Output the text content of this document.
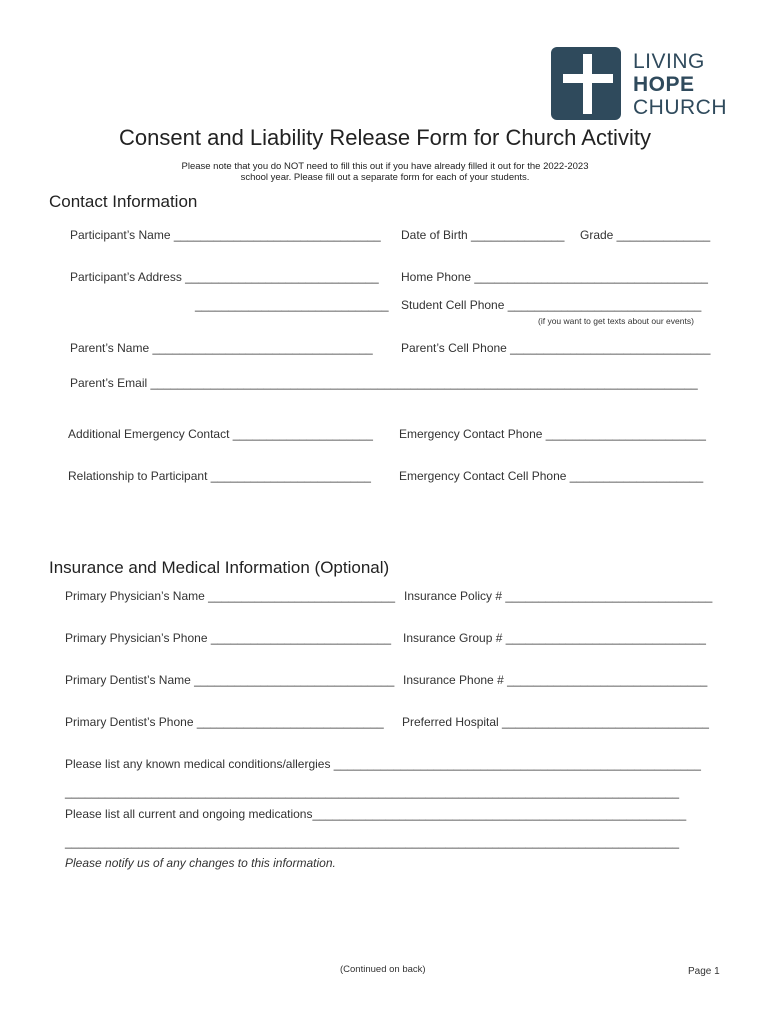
LIVING
HOPE
CHURCH
Consent and Liability Release Form for Church Activity
Please note that you do NOT need to fill this out if you have already filled it out for the 2022-2023
school year. Please fill out a separate form for each of your students.
Contact Information
Participant’s Name _______________________________ Date of Birth ______________ Grade ______________
Participant’s Address _____________________________ Home Phone ___________________________________
_____________________________ Student Cell Phone _____________________________
(if you want to get texts about our events)
Parent’s Name _________________________________ Parent’s Cell Phone ______________________________
Parent’s Email __________________________________________________________________________________
Additional Emergency Contact _____________________ Emergency Contact Phone ________________________
Relationship to Participant ________________________ Emergency Contact Cell Phone ____________________
Insurance and Medical Information (Optional)
Primary Physician’s Name ____________________________ Insurance Policy # _______________________________
Primary Physician’s Phone ___________________________ Insurance Group # ______________________________
Primary Dentist’s Name ______________________________ Insurance Phone # ______________________________
Primary Dentist’s Phone ____________________________ Preferred Hospital _______________________________
Please list any known medical conditions/allergies _______________________________________________________
____________________________________________________________________________________________
Please list all current and ongoing medications________________________________________________________
____________________________________________________________________________________________
Please notify us of any changes to this information.
(Continued on back)	Page 1
